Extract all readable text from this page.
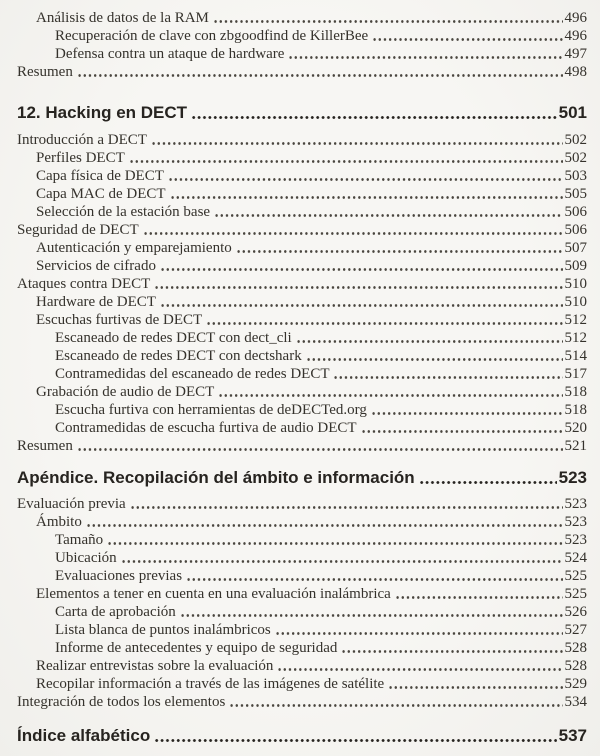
Análisis de datos de la RAM	496
Recuperación de clave con zbgoodfind de KillerBee	496
Defensa contra un ataque de hardware	497
Resumen	498
12. Hacking en DECT	501
Introducción a DECT	502
Perfiles DECT	502
Capa física de DECT	503
Capa MAC de DECT	505
Selección de la estación base	506
Seguridad de DECT	506
Autenticación y emparejamiento	507
Servicios de cifrado	509
Ataques contra DECT	510
Hardware de DECT	510
Escuchas furtivas de DECT	512
Escaneado de redes DECT con dect_cli	512
Escaneado de redes DECT con dectshark	514
Contramedidas del escaneado de redes DECT	517
Grabación de audio de DECT	518
Escucha furtiva con herramientas de deDECTed.org	518
Contramedidas de escucha furtiva de audio DECT	520
Resumen	521
Apéndice. Recopilación del ámbito e información	523
Evaluación previa	523
Ámbito	523
Tamaño	523
Ubicación	524
Evaluaciones previas	525
Elementos a tener en cuenta en una evaluación inalámbrica	525
Carta de aprobación	526
Lista blanca de puntos inalámbricos	527
Informe de antecedentes y equipo de seguridad	528
Realizar entrevistas sobre la evaluación	528
Recopilar información a través de las imágenes de satélite	529
Integración de todos los elementos	534
Índice alfabético	537
